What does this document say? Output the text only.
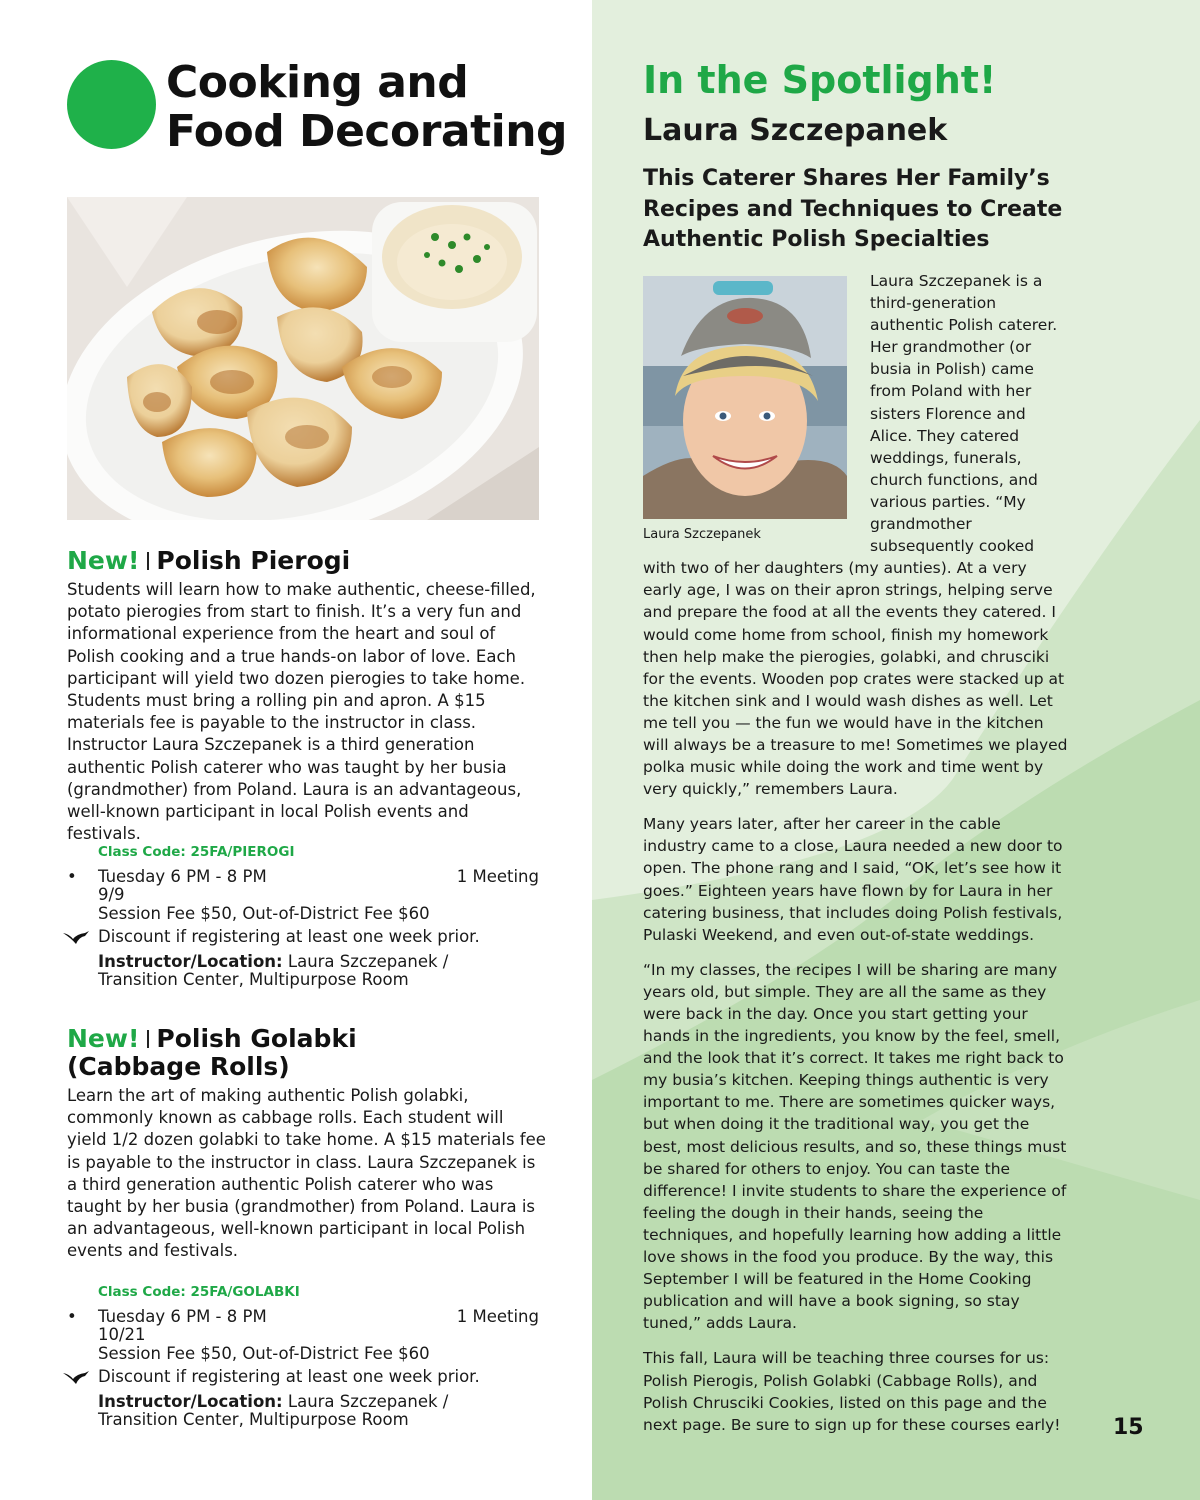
Cooking and
Food Decorating
New! Polish Pierogi

Students will learn how to make authentic, cheese-filled, potato pierogies from start to finish. It’s a very fun and informational experience from the heart and soul of Polish cooking and a true hands-on labor of love. Each participant will yield two dozen pierogies to take home. Students must bring a rolling pin and apron. A $15 materials fee is payable to the instructor in class. Instructor Laura Szczepanek is a third generation authentic Polish caterer who was taught by her busia (grandmother) from Poland. Laura is an advantageous, well-known participant in local Polish events and festivals.

Class Code: 25FA/PIEROGI
• Tuesday 6 PM - 8 PM	1 Meeting
9/9
Session Fee $50, Out-of-District Fee $60
Discount if registering at least one week prior.
Instructor/Location: Laura Szczepanek /
Transition Center, Multipurpose Room
New! Polish Golabki
(Cabbage Rolls)

Learn the art of making authentic Polish golabki, commonly known as cabbage rolls. Each student will yield 1/2 dozen golabki to take home. A $15 materials fee is payable to the instructor in class. Laura Szczepanek is a third generation authentic Polish caterer who was taught by her busia (grandmother) from Poland. Laura is an advantageous, well-known participant in local Polish events and festivals.

Class Code: 25FA/GOLABKI
• Tuesday 6 PM - 8 PM	1 Meeting
10/21
Session Fee $50, Out-of-District Fee $60
Discount if registering at least one week prior.
Instructor/Location: Laura Szczepanek /
Transition Center, Multipurpose Room
In the Spotlight!
Laura Szczepanek
This Caterer Shares Her Family’s
Recipes and Techniques to Create
Authentic Polish Specialties
Laura Szczepanek

Laura Szczepanek is a third-generation authentic Polish caterer. Her grandmother (or busia in Polish) came from Poland with her sisters Florence and Alice. They catered weddings, funerals, church functions, and various parties. “My grandmother subsequently cooked with two of her daughters (my aunties). At a very early age, I was on their apron strings, helping serve and prepare the food at all the events they catered. I would come home from school, finish my homework then help make the pierogies, golabki, and chrusciki for the events. Wooden pop crates were stacked up at the kitchen sink and I would wash dishes as well. Let me tell you — the fun we would have in the kitchen will always be a treasure to me! Sometimes we played polka music while doing the work and time went by very quickly,” remembers Laura.

Many years later, after her career in the cable industry came to a close, Laura needed a new door to open. The phone rang and I said, “OK, let’s see how it goes.” Eighteen years have flown by for Laura in her catering business, that includes doing Polish festivals, Pulaski Weekend, and even out-of-state weddings.

“In my classes, the recipes I will be sharing are many years old, but simple. They are all the same as they were back in the day. Once you start getting your hands in the ingredients, you know by the feel, smell, and the look that it’s correct. It takes me right back to my busia’s kitchen. Keeping things authentic is very important to me. There are sometimes quicker ways, but when doing it the traditional way, you get the best, most delicious results, and so, these things must be shared for others to enjoy. You can taste the difference! I invite students to share the experience of feeling the dough in their hands, seeing the techniques, and hopefully learning how adding a little love shows in the food you produce. By the way, this September I will be featured in the Home Cooking publication and will have a book signing, so stay tuned,” adds Laura.

This fall, Laura will be teaching three courses for us: Polish Pierogis, Polish Golabki (Cabbage Rolls), and Polish Chrusciki Cookies, listed on this page and the next page. Be sure to sign up for these courses early!	15
